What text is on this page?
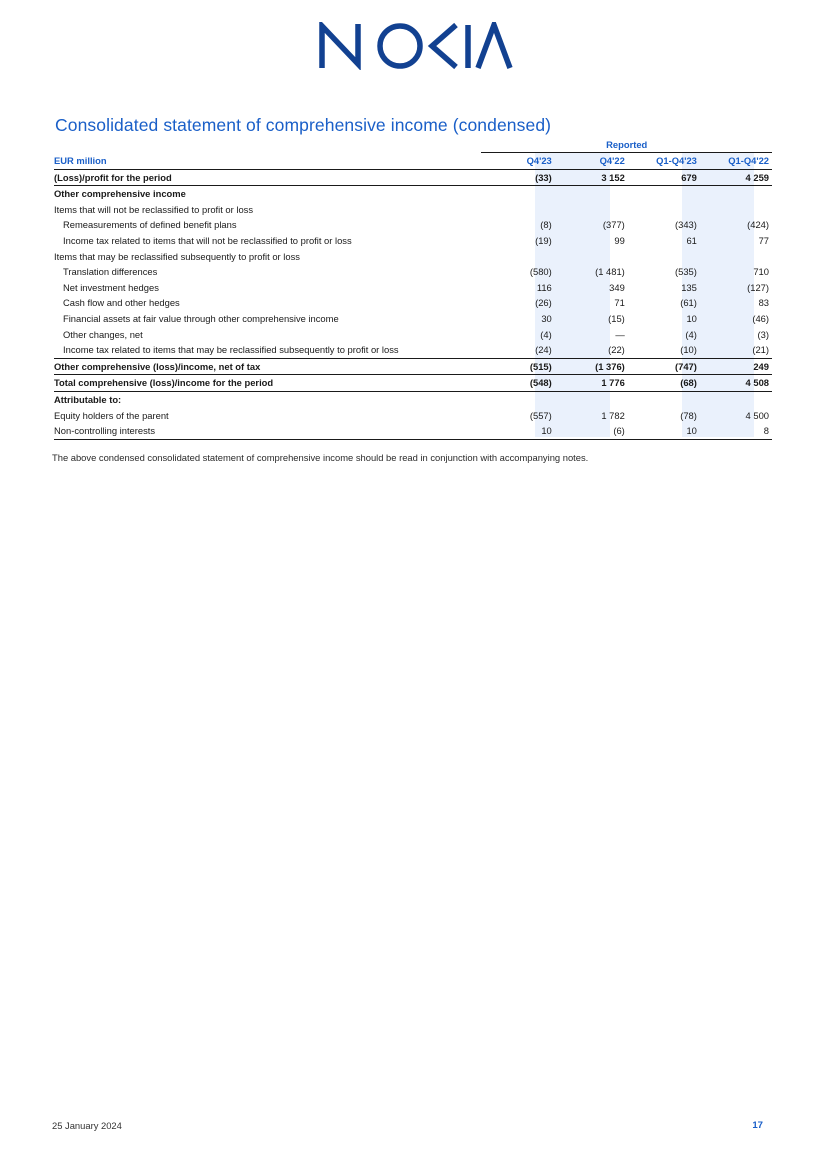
Consolidated statement of comprehensive income (condensed)
	Reported			
EUR million	Q4'23	Q4'22	Q1-Q4'23	Q1-Q4'22
(Loss)/profit for the period	(33)	3 152	679	4 259
Other comprehensive income				
Items that will not be reclassified to profit or loss				
Remeasurements of defined benefit plans	(8)	(377)	(343)	(424)
Income tax related to items that will not be reclassified to profit or loss	(19)	99	61	77
Items that may be reclassified subsequently to profit or loss				
Translation differences	(580)	(1 481)	(535)	710
Net investment hedges	116	349	135	(127)
Cash flow and other hedges	(26)	71	(61)	83
Financial assets at fair value through other comprehensive income	30	(15)	10	(46)
Other changes, net	(4)	—	(4)	(3)
Income tax related to items that may be reclassified subsequently to profit or loss	(24)	(22)	(10)	(21)
Other comprehensive (loss)/income, net of tax	(515)	(1 376)	(747)	249
Total comprehensive (loss)/income for the period	(548)	1 776	(68)	4 508
Attributable to:				
Equity holders of the parent	(557)	1 782	(78)	4 500
Non-controlling interests	10	(6)	10	8

The above condensed consolidated statement of comprehensive income should be read in conjunction with accompanying notes.

25 January 2024	17
